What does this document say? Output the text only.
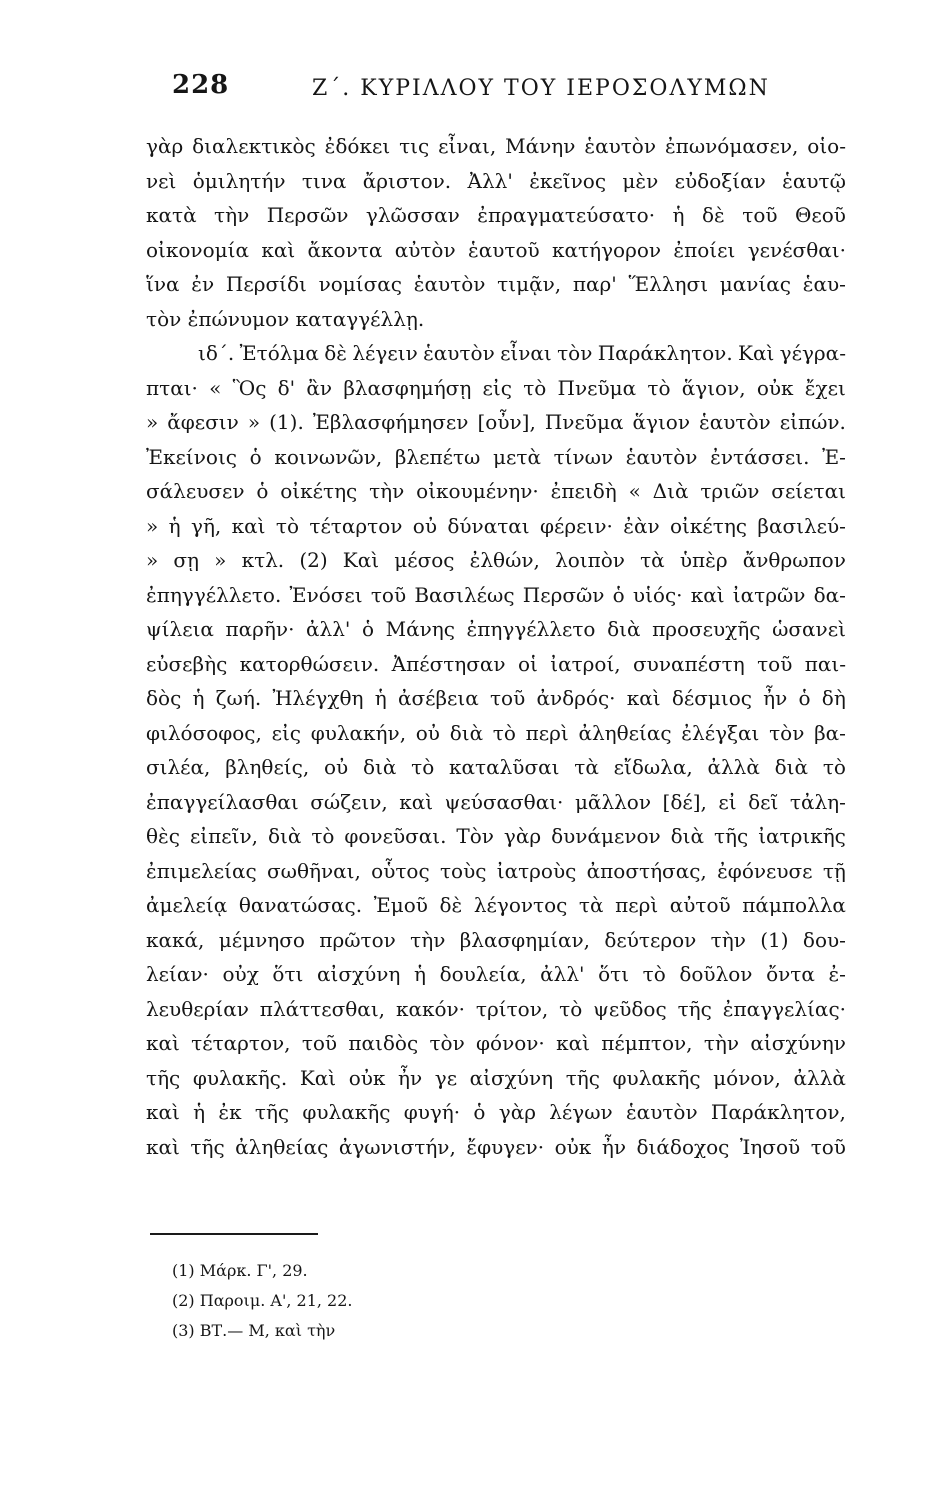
228	Ζ΄. ΚΥΡΙΛΛΟΥ ΤΟΥ ΙΕΡΟΣΟΛΥΜΩΝ
γὰρ διαλεκτικὸς ἐδόκει τις εἶναι, Μάνην ἑαυτὸν ἐπωνόμασεν, οἱο-
νεὶ ὁμιλητήν τινα ἄριστον. Ἀλλ' ἐκεῖνος μὲν εὐδοξίαν ἑαυτῷ
κατὰ τὴν Περσῶν γλῶσσαν ἐπραγματεύσατο· ἡ δὲ τοῦ Θεοῦ
οἰκονομία καὶ ἄκοντα αὐτὸν ἑαυτοῦ κατήγορον ἐποίει γενέσθαι·
ἵνα ἐν Περσίδι νομίσας ἑαυτὸν τιμᾷν, παρ' Ἕλλησι μανίας ἑαυ-
τὸν ἐπώνυμον καταγγέλλῃ.
ιδ΄. Ἐτόλμα δὲ λέγειν ἑαυτὸν εἶναι τὸν Παράκλητον. Καὶ γέγρα-
πται· « Ὃς δ' ἂν βλασφημήσῃ εἰς τὸ Πνεῦμα τὸ ἅγιον, οὐκ ἔχει
» ἄφεσιν » (1). Ἐβλασφήμησεν [οὖν], Πνεῦμα ἅγιον ἑαυτὸν εἰπών.
Ἐκείνοις ὁ κοινωνῶν, βλεπέτω μετὰ τίνων ἑαυτὸν ἐντάσσει. Ἐ-
σάλευσεν ὁ οἰκέτης τὴν οἰκουμένην· ἐπειδὴ « Διὰ τριῶν σείεται
» ἡ γῆ, καὶ τὸ τέταρτον οὐ δύναται φέρειν· ἐὰν οἰκέτης βασιλεύ-
» σῃ » κτλ. (2) Καὶ μέσος ἐλθών, λοιπὸν τὰ ὑπὲρ ἄνθρωπον
ἐπηγγέλλετο. Ἐνόσει τοῦ Βασιλέως Περσῶν ὁ υἱός· καὶ ἰατρῶν δα-
ψίλεια παρῆν· ἀλλ' ὁ Μάνης ἐπηγγέλλετο διὰ προσευχῆς ὡσανεὶ
εὐσεβὴς κατορθώσειν. Ἀπέστησαν οἱ ἰατροί, συναπέστη τοῦ παι-
δὸς ἡ ζωή. Ἠλέγχθη ἡ ἀσέβεια τοῦ ἀνδρός· καὶ δέσμιος ἦν ὁ δὴ
φιλόσοφος, εἰς φυλακήν, οὐ διὰ τὸ περὶ ἀληθείας ἐλέγξαι τὸν βα-
σιλέα, βληθείς, οὐ διὰ τὸ καταλῦσαι τὰ εἴδωλα, ἀλλὰ διὰ τὸ
ἐπαγγείλασθαι σώζειν, καὶ ψεύσασθαι· μᾶλλον [δέ], εἰ δεῖ τἀλη-
θὲς εἰπεῖν, διὰ τὸ φονεῦσαι. Τὸν γὰρ δυνάμενον διὰ τῆς ἰατρικῆς
ἐπιμελείας σωθῆναι, οὗτος τοὺς ἰατροὺς ἀποστήσας, ἐφόνευσε τῇ
ἀμελείᾳ θανατώσας. Ἐμοῦ δὲ λέγοντος τὰ περὶ αὐτοῦ πάμπολλα
κακά, μέμνησο πρῶτον τὴν βλασφημίαν, δεύτερον τὴν (1) δου-
λείαν· οὐχ ὅτι αἰσχύνη ἡ δουλεία, ἀλλ' ὅτι τὸ δοῦλον ὄντα ἐ-
λευθερίαν πλάττεσθαι, κακόν· τρίτον, τὸ ψεῦδος τῆς ἐπαγγελίας·
καὶ τέταρτον, τοῦ παιδὸς τὸν φόνον· καὶ πέμπτον, τὴν αἰσχύνην
τῆς φυλακῆς. Καὶ οὐκ ἦν γε αἰσχύνη τῆς φυλακῆς μόνον, ἀλλὰ
καὶ ἡ ἐκ τῆς φυλακῆς φυγή· ὁ γὰρ λέγων ἑαυτὸν Παράκλητον,
καὶ τῆς ἀληθείας ἀγωνιστήν, ἔφυγεν· οὐκ ἦν διάδοχος Ἰησοῦ τοῦ
(1) Μάρκ. Γ', 29.
(2) Παροιμ. Α', 21, 22.
(3) ΒΤ.— Μ, καὶ τὴν
